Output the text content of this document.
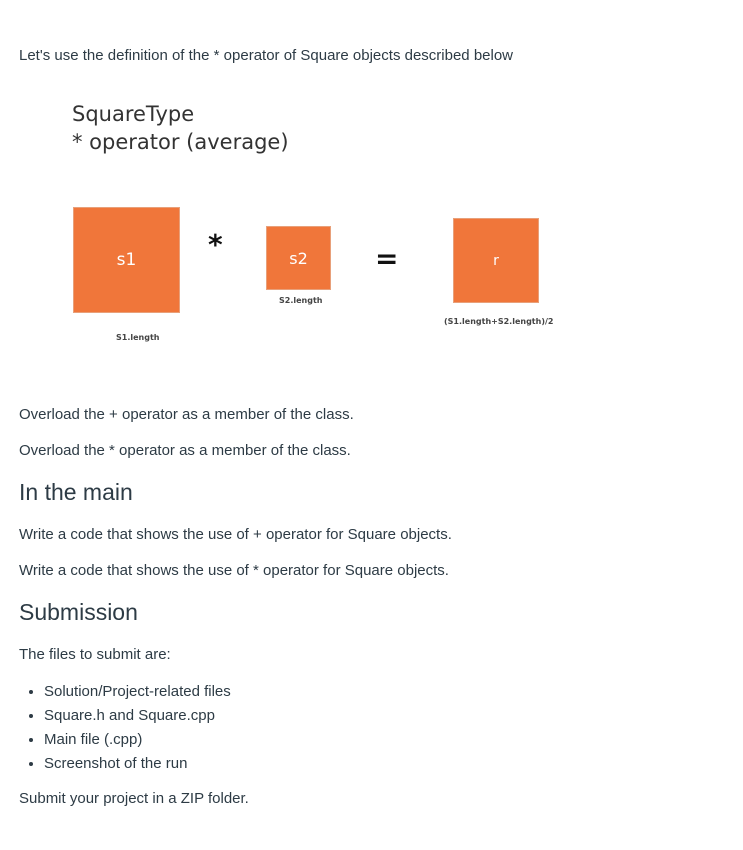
SquareType
* operator (average)
s1
S1.length
*	s2
S2.length
=	r
(S1.length+S2.length)/2

Let's use the definition of the * operator of Square objects described below

Overload the + operator as a member of the class.

Overload the * operator as a member of the class.

In the main

Write a code that shows the use of + operator for Square objects.

Write a code that shows the use of * operator for Square objects.

Submission

The files to submit are:

• Solution/Project-related files
• Square.h and Square.cpp
• Main file (.cpp)
• Screenshot of the run

Submit your project in a ZIP folder.
